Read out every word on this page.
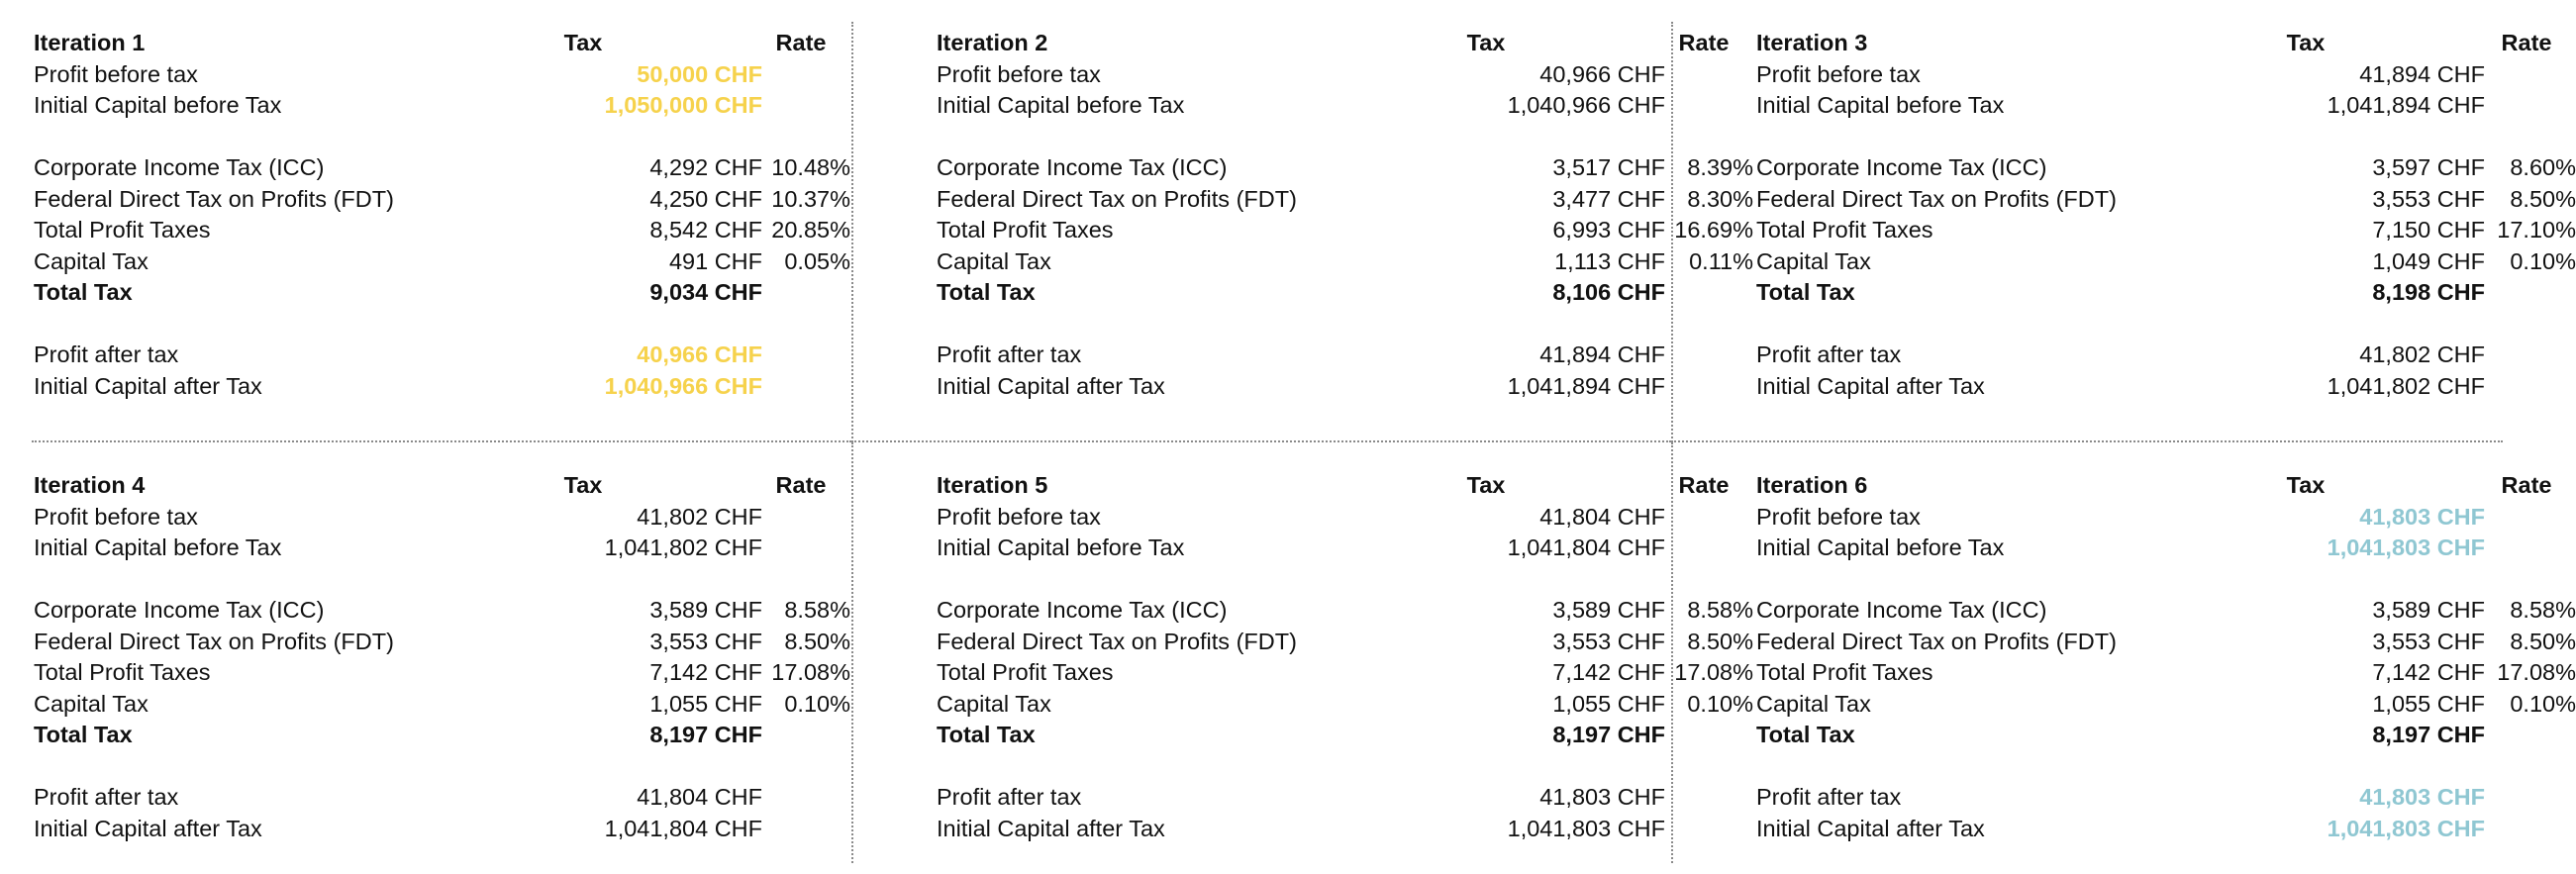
Iteration 1	Tax	Rate
Profit before tax	50,000 CHF
Initial Capital before Tax	1,050,000 CHF
Corporate Income Tax (ICC)	4,292 CHF 10.48%
Federal Direct Tax on Profits (FDT)	4,250 CHF 10.37%
Total Profit Taxes	8,542 CHF 20.85%
Capital Tax	491 CHF 0.05%
Total Tax	9,034 CHF
Profit after tax	40,966 CHF
Initial Capital after Tax	1,040,966 CHF
Iteration 2	Tax	Rate
Profit before tax	40,966 CHF
Initial Capital before Tax	1,040,966 CHF
Corporate Income Tax (ICC)	3,517 CHF 8.39%
Federal Direct Tax on Profits (FDT)	3,477 CHF 8.30%
Total Profit Taxes	6,993 CHF 16.69%
Capital Tax	1,113 CHF	0.11%
Total Tax	8,106 CHF
Profit after tax	41,894 CHF
Initial Capital after Tax	1,041,894 CHF
Iteration 3	Tax	Rate
Profit before tax	41,894 CHF
Initial Capital before Tax	1,041,894 CHF
Corporate Income Tax (ICC)	3,597 CHF	8.60%
Federal Direct Tax on Profits (FDT)	3,553 CHF	8.50%
Total Profit Taxes	7,150 CHF 17.10%
Capital Tax	1,049 CHF	0.10%
Total Tax	8,198 CHF
Profit after tax	41,802 CHF
Initial Capital after Tax	1,041,802 CHF
Iteration 4	Tax	Rate
Profit before tax	41,802 CHF
Initial Capital before Tax	1,041,802 CHF
Corporate Income Tax (ICC)	3,589 CHF 8.58%
Federal Direct Tax on Profits (FDT)	3,553 CHF 8.50%
Total Profit Taxes	7,142 CHF 17.08%
Capital Tax	1,055 CHF 0.10%
Total Tax	8,197 CHF
Profit after tax	41,804 CHF
Initial Capital after Tax	1,041,804 CHF
Iteration 5	Tax	Rate
Profit before tax	41,804 CHF
Initial Capital before Tax	1,041,804 CHF
Corporate Income Tax (ICC)	3,589 CHF 8.58%
Federal Direct Tax on Profits (FDT)	3,553 CHF 8.50%
Total Profit Taxes	7,142 CHF 17.08%
Capital Tax	1,055 CHF 0.10%
Total Tax	8,197 CHF
Profit after tax	41,803 CHF
Initial Capital after Tax	1,041,803 CHF
Iteration 6	Tax	Rate
Profit before tax	41,803 CHF
Initial Capital before Tax	1,041,803 CHF
Corporate Income Tax (ICC)	3,589 CHF	8.58%
Federal Direct Tax on Profits (FDT)	3,553 CHF	8.50%
Total Profit Taxes	7,142 CHF 17.08%
Capital Tax	1,055 CHF	0.10%
Total Tax	8,197 CHF
Profit after tax	41,803 CHF
Initial Capital after Tax	1,041,803 CHF
